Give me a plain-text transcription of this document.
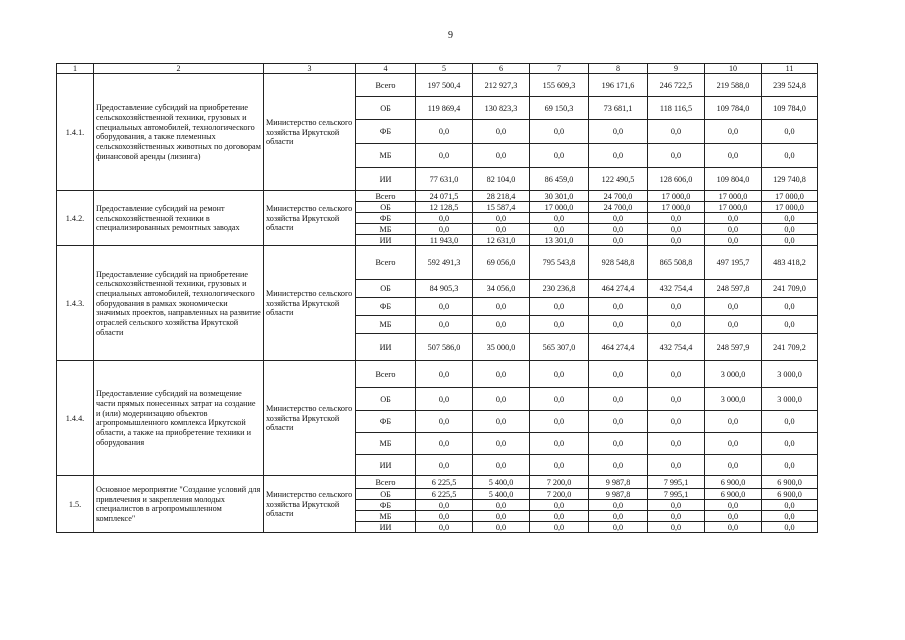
9
1	2	3	4	5	6	7	8	9	10	11
1.4.1.	Предоставление субсидий на приобретение сельскохозяйственной техники, грузовых и специальных автомобилей, технологического оборудования, а также племенных сельскохозяйственных животных по договорам финансовой аренды (лизинга)	Министерство сельского хозяйства Иркутской области	Всего	197 500,4	212 927,3	155 609,3	196 171,6	246 722,5	219 588,0	239 524,8
			ОБ	119 869,4	130 823,3	69 150,3	73 681,1	118 116,5	109 784,0	109 784,0
			ФБ	0,0	0,0	0,0	0,0	0,0	0,0	0,0
			МБ	0,0	0,0	0,0	0,0	0,0	0,0	0,0
			ИИ	77 631,0	82 104,0	86 459,0	122 490,5	128 606,0	109 804,0	129 740,8
1.4.2.	Предоставление субсидий на ремонт сельскохозяйственной техники в специализированных ремонтных заводах	Министерство сельского хозяйства Иркутской области	Всего	24 071,5	28 218,4	30 301,0	24 700,0	17 000,0	17 000,0	17 000,0
			ОБ	12 128,5	15 587,4	17 000,0	24 700,0	17 000,0	17 000,0	17 000,0
			ФБ	0,0	0,0	0,0	0,0	0,0	0,0	0,0
			МБ	0,0	0,0	0,0	0,0	0,0	0,0	0,0
			ИИ	11 943,0	12 631,0	13 301,0	0,0	0,0	0,0	0,0
1.4.3.	Предоставление субсидий на приобретение сельскохозяйственной техники, грузовых и специальных автомобилей, технологического оборудования в рамках экономически значимых проектов, направленных на развитие отраслей сельского хозяйства Иркутской области	Министерство сельского хозяйства Иркутской области	Всего	592 491,3	69 056,0	795 543,8	928 548,8	865 508,8	497 195,7	483 418,2
			ОБ	84 905,3	34 056,0	230 236,8	464 274,4	432 754,4	248 597,8	241 709,0
			ФБ	0,0	0,0	0,0	0,0	0,0	0,0	0,0
			МБ	0,0	0,0	0,0	0,0	0,0	0,0	0,0
			ИИ	507 586,0	35 000,0	565 307,0	464 274,4	432 754,4	248 597,9	241 709,2
1.4.4.	Предоставление субсидий на возмещение части прямых понесенных затрат на создание и (или) модернизацию объектов агропромышленного комплекса Иркутской области, а также на приобретение техники и оборудования	Министерство сельского хозяйства Иркутской области	Всего	0,0	0,0	0,0	0,0	0,0	3 000,0	3 000,0
			ОБ	0,0	0,0	0,0	0,0	0,0	3 000,0	3 000,0
			ФБ	0,0	0,0	0,0	0,0	0,0	0,0	0,0
			МБ	0,0	0,0	0,0	0,0	0,0	0,0	0,0
			ИИ	0,0	0,0	0,0	0,0	0,0	0,0	0,0
1.5.	Основное мероприятие "Создание условий для привлечения и закрепления молодых специалистов в агропромышленном комплексе"	Министерство сельского хозяйства Иркутской области	Всего	6 225,5	5 400,0	7 200,0	9 987,8	7 995,1	6 900,0	6 900,0
			ОБ	6 225,5	5 400,0	7 200,0	9 987,8	7 995,1	6 900,0	6 900,0
			ФБ	0,0	0,0	0,0	0,0	0,0	0,0	0,0
			МБ	0,0	0,0	0,0	0,0	0,0	0,0	0,0
			ИИ	0,0	0,0	0,0	0,0	0,0	0,0	0,0
